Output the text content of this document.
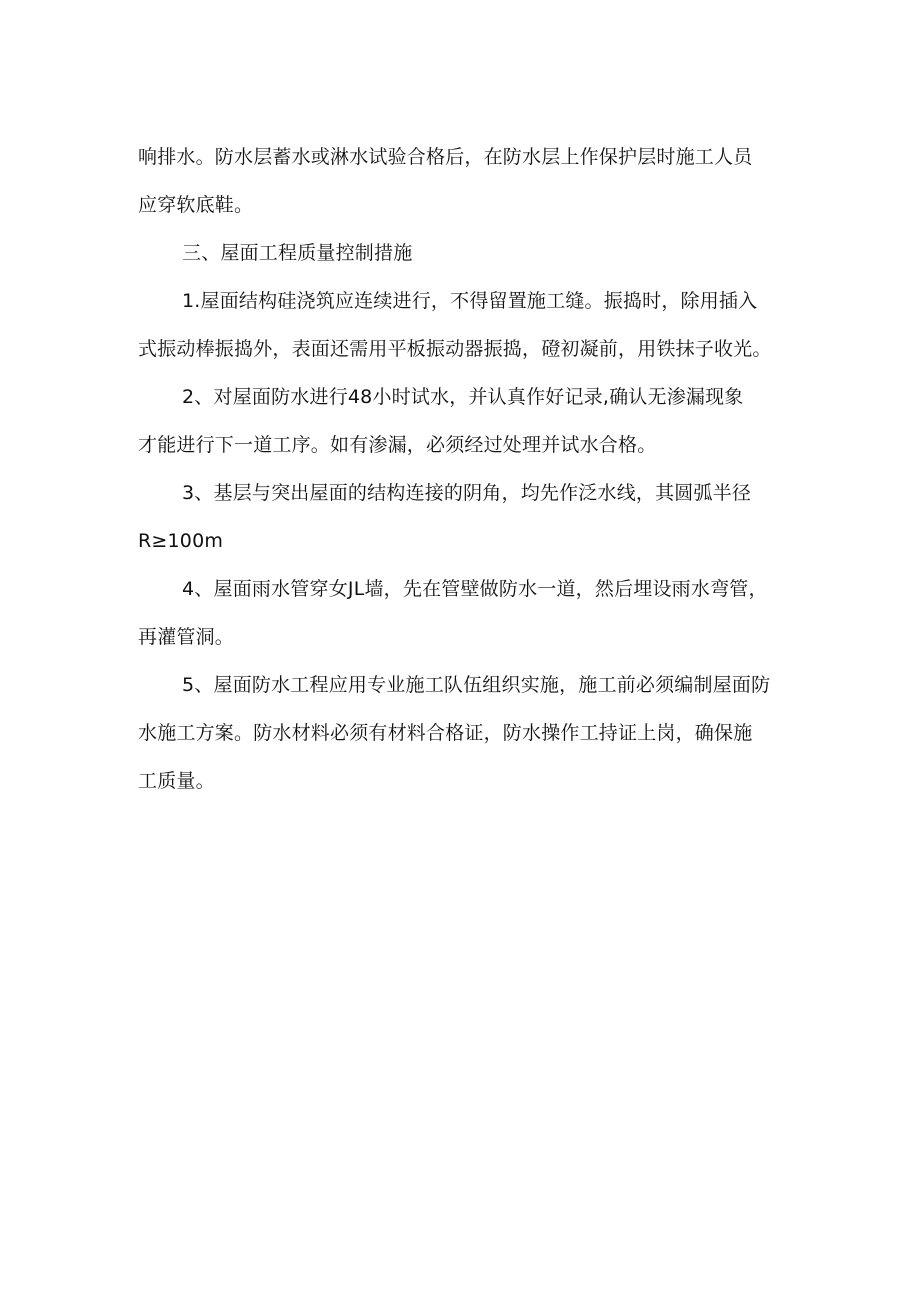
响排水。防水层蓄水或淋水试验合格后，在防水层上作保护层时施工人员
应穿软底鞋。

三、屋面工程质量控制措施

1.屋面结构硅浇筑应连续进行，不得留置施工缝。振捣时，除用插入
式振动棒振捣外，表面还需用平板振动器振捣，磴初凝前，用铁抹子收光。

2、对屋面防水进行48小时试水，并认真作好记录,确认无渗漏现象
才能进行下一道工序。如有渗漏，必须经过处理并试水合格。

3、基层与突出屋面的结构连接的阴角，均先作泛水线，其圆弧半径
R≥100m

4、屋面雨水管穿女JL墙，先在管壁做防水一道，然后埋设雨水弯管，
再灌管洞。

5、屋面防水工程应用专业施工队伍组织实施，施工前必须编制屋面防
水施工方案。防水材料必须有材料合格证，防水操作工持证上岗，确保施
工质量。
